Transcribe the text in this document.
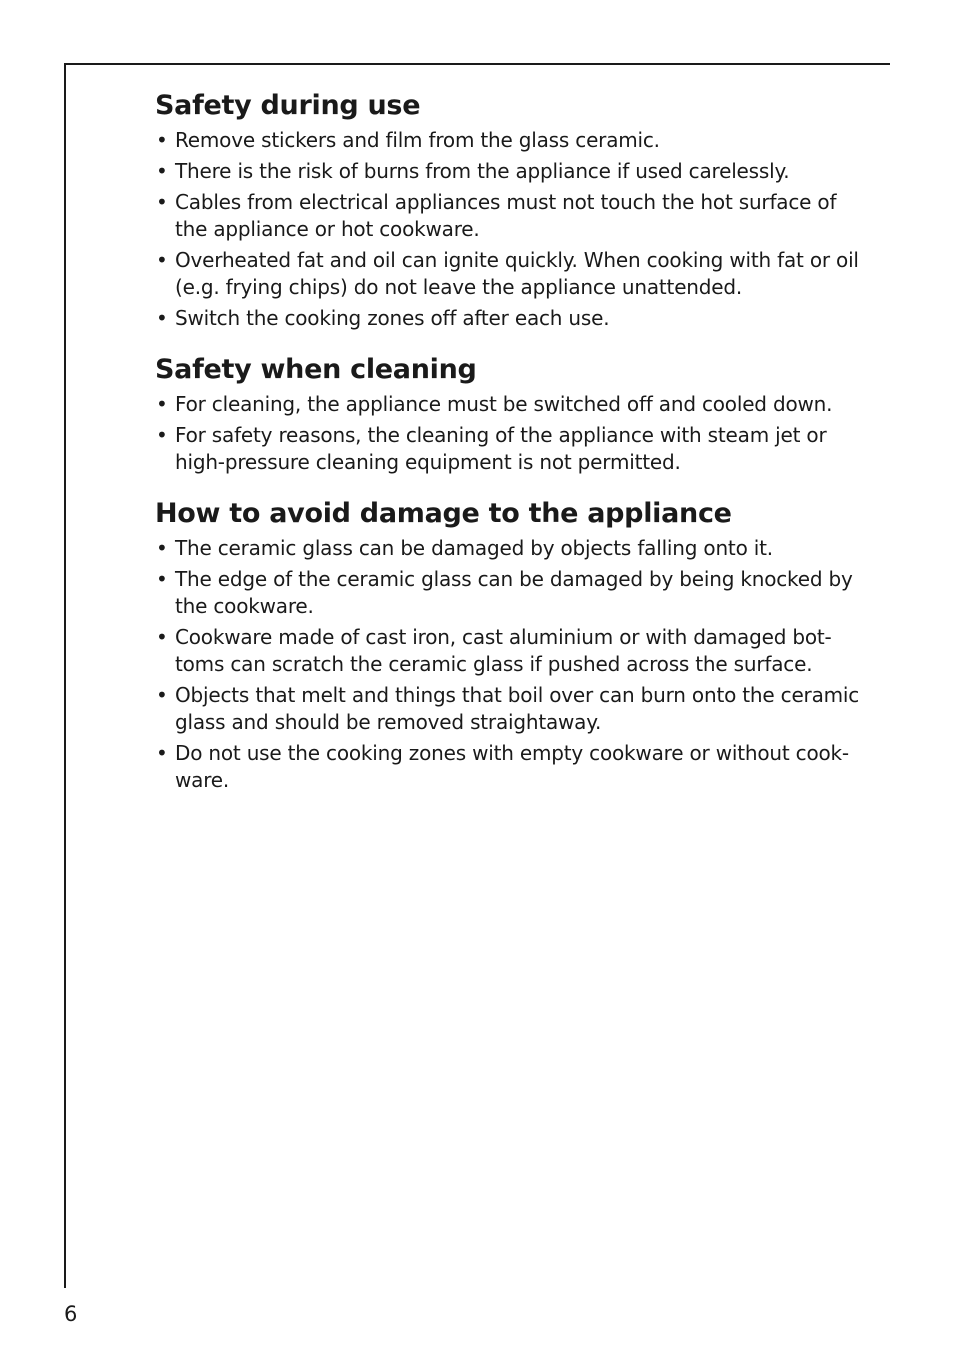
Safety during use
• Remove stickers and film from the glass ceramic.
• There is the risk of burns from the appliance if used carelessly.
• Cables from electrical appliances must not touch the hot surface of the appliance or hot cookware.
• Overheated fat and oil can ignite quickly. When cooking with fat or oil (e.g. frying chips) do not leave the appliance unattended.
• Switch the cooking zones off after each use.
Safety when cleaning
• For cleaning, the appliance must be switched off and cooled down.
• For safety reasons, the cleaning of the appliance with steam jet or high-pressure cleaning equipment is not permitted.
How to avoid damage to the appliance
• The ceramic glass can be damaged by objects falling onto it.
• The edge of the ceramic glass can be damaged by being knocked by the cookware.
• Cookware made of cast iron, cast aluminium or with damaged bot-toms can scratch the ceramic glass if pushed across the surface.
• Objects that melt and things that boil over can burn onto the ceramic glass and should be removed straightaway.
• Do not use the cooking zones with empty cookware or without cook-ware.
6
